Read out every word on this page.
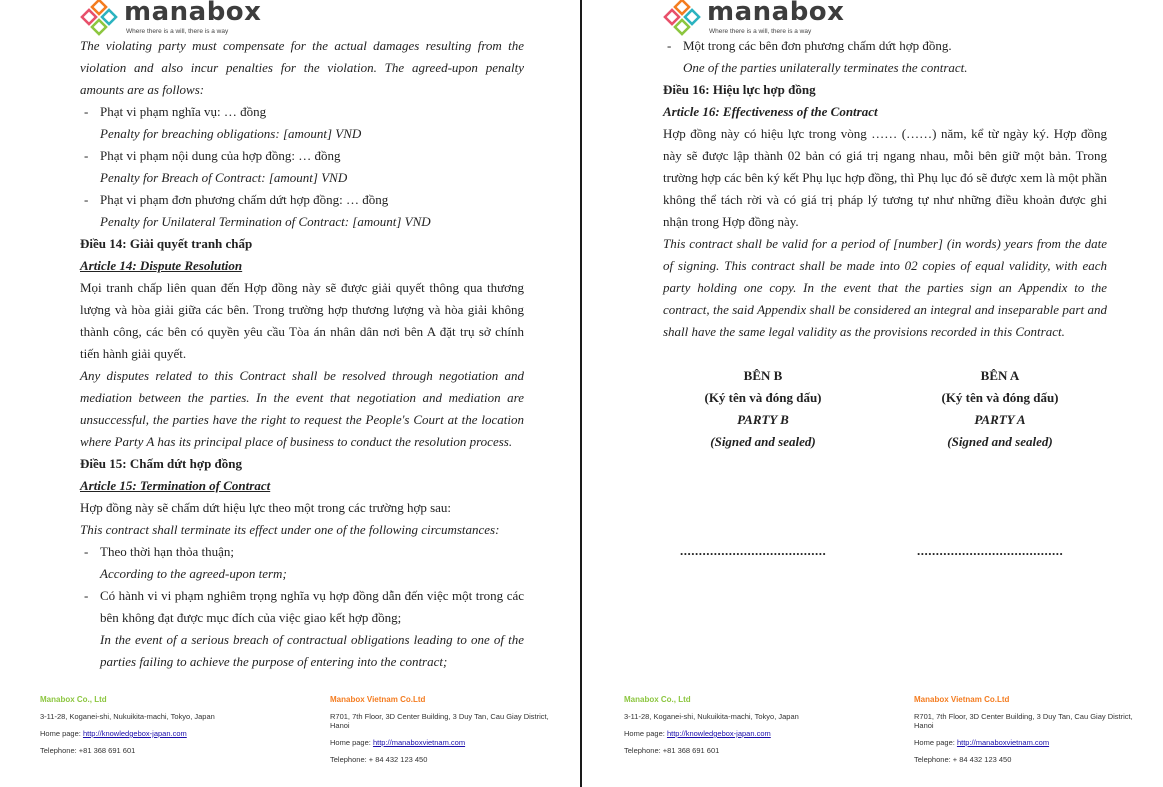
manabox
Where there is a will, there is a way

The violating party must compensate for the actual damages resulting from the violation and also incur penalties for the violation. The agreed-upon penalty amounts are as follows:

- Phạt vi phạm nghĩa vụ: … đồng
Penalty for breaching obligations: [amount] VND
- Phạt vi phạm nội dung của hợp đồng: … đồng
Penalty for Breach of Contract: [amount] VND
- Phạt vi phạm đơn phương chấm dứt hợp đồng: … đồng
Penalty for Unilateral Termination of Contract: [amount] VND
Điều 14: Giải quyết tranh chấp
Article 14: Dispute Resolution

Mọi tranh chấp liên quan đến Hợp đồng này sẽ được giải quyết thông qua thương lượng và hòa giải giữa các bên. Trong trường hợp thương lượng và hòa giải không thành công, các bên có quyền yêu cầu Tòa án nhân dân nơi bên A đặt trụ sở chính tiến hành giải quyết.

Any disputes related to this Contract shall be resolved through negotiation and mediation between the parties. In the event that negotiation and mediation are unsuccessful, the parties have the right to request the People's Court at the location where Party A has its principal place of business to conduct the resolution process.

Điều 15: Chấm dứt hợp đồng
Article 15: Termination of Contract

Hợp đồng này sẽ chấm dứt hiệu lực theo một trong các trường hợp sau:

This contract shall terminate its effect under one of the following circumstances:

- Theo thời hạn thỏa thuận;
According to the agreed-upon term;
- Có hành vi vi phạm nghiêm trọng nghĩa vụ hợp đồng dẫn đến việc một trong các bên không đạt được mục đích của việc giao kết hợp đồng;
In the event of a serious breach of contractual obligations leading to one of the parties failing to achieve the purpose of entering into the contract;
Manabox Co., Ltd
3-11-28, Koganei-shi, Nukuikita-machi, Tokyo, Japan
Home page: http://knowledgebox-japan.com
Telephone: +81 368 691 601
Manabox Vietnam Co.Ltd
R701, 7th Floor, 3D Center Building, 3 Duy Tan, Cau Giay District, Hanoi
Home page: http://manaboxvietnam.com
Telephone: + 84 432 123 450
manabox
Where there is a will, there is a way
- Một trong các bên đơn phương chấm dứt hợp đồng.
One of the parties unilaterally terminates the contract.
Điều 16: Hiệu lực hợp đồng
Article 16: Effectiveness of the Contract

Hợp đồng này có hiệu lực trong vòng …… (……) năm, kể từ ngày ký. Hợp đồng này sẽ được lập thành 02 bản có giá trị ngang nhau, mỗi bên giữ một bản. Trong trường hợp các bên ký kết Phụ lục hợp đồng, thì Phụ lục đó sẽ được xem là một phần không thể tách rời và có giá trị pháp lý tương tự như những điều khoản được ghi nhận trong Hợp đồng này.

This contract shall be valid for a period of [number] (in words) years from the date of signing. This contract shall be made into 02 copies of equal validity, with each party holding one copy. In the event that the parties sign an Appendix to the contract, the said Appendix shall be considered an integral and inseparable part and shall have the same legal validity as the provisions recorded in this Contract.

BÊN B
(Ký tên và đóng dấu)
PARTY B
(Signed and sealed)
BÊN A
(Ký tên và đóng dấu)
PARTY A
(Signed and sealed)
.......................................	.......................................
Manabox Co., Ltd
3-11-28, Koganei-shi, Nukuikita-machi, Tokyo, Japan
Home page: http://knowledgebox-japan.com
Telephone: +81 368 691 601
Manabox Vietnam Co.Ltd
R701, 7th Floor, 3D Center Building, 3 Duy Tan, Cau Giay District, Hanoi
Home page: http://manaboxvietnam.com
Telephone: + 84 432 123 450
